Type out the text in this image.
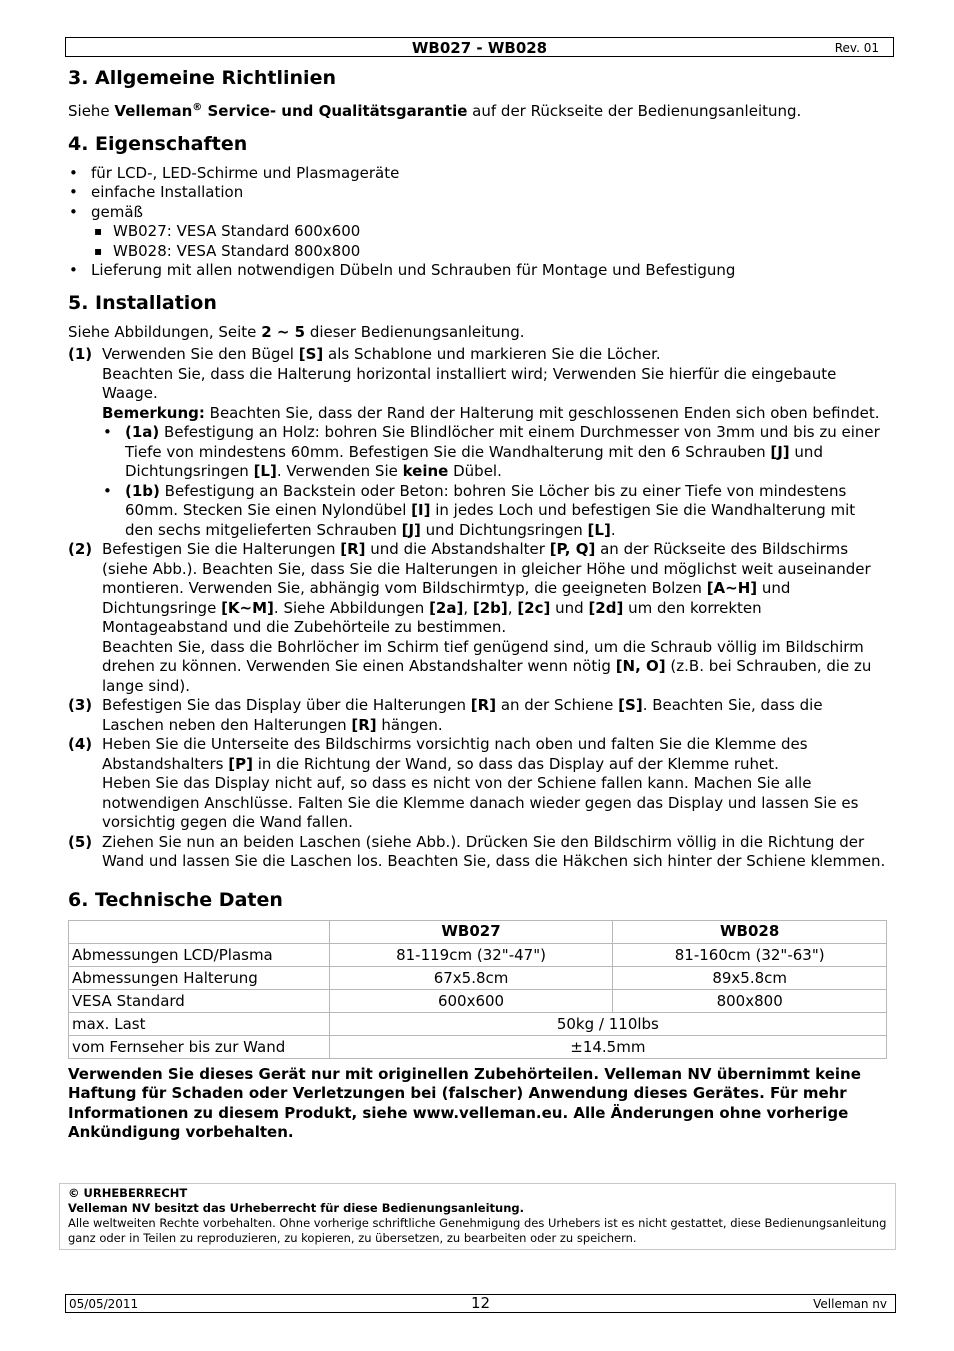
WB027 - WB028	Rev. 01
3. Allgemeine Richtlinien

Siehe Velleman® Service- und Qualitätsgarantie auf der Rückseite der Bedienungsanleitung.

4. Eigenschaften
• für LCD-, LED-Schirme und Plasmageräte
• einfache Installation
• gemäß
▪ WB027: VESA Standard 600x600
▪ WB028: VESA Standard 800x800
• Lieferung mit allen notwendigen Dübeln und Schrauben für Montage und Befestigung
5. Installation

Siehe Abbildungen, Seite 2 ~ 5 dieser Bedienungsanleitung.

(1) Verwenden Sie den Bügel [S] als Schablone und markieren Sie die Löcher.

Beachten Sie, dass die Halterung horizontal installiert wird; Verwenden Sie hierfür die eingebaute Waage.

Bemerkung: Beachten Sie, dass der Rand der Halterung mit geschlossenen Enden sich oben befindet.

• (1a) Befestigung an Holz: bohren Sie Blindlöcher mit einem Durchmesser von 3mm und bis zu einer Tiefe von mindestens 60mm. Befestigen Sie die Wandhalterung mit den 6 Schrauben [J] und Dichtungsringen [L]. Verwenden Sie keine Dübel.
• (1b) Befestigung an Backstein oder Beton: bohren Sie Löcher bis zu einer Tiefe von mindestens 60mm. Stecken Sie einen Nylondübel [I] in jedes Loch und befestigen Sie die Wandhalterung mit den sechs mitgelieferten Schrauben [J] und Dichtungsringen [L].
(2) Befestigen Sie die Halterungen [R] und die Abstandshalter [P, Q] an der Rückseite des Bildschirms (siehe Abb.). Beachten Sie, dass Sie die Halterungen in gleicher Höhe und möglichst weit auseinander montieren. Verwenden Sie, abhängig vom Bildschirmtyp, die geeigneten Bolzen [A~H] und Dichtungsringe [K~M]. Siehe Abbildungen [2a], [2b], [2c] und [2d] um den korrekten Montageabstand und die Zubehörteile zu bestimmen.

Beachten Sie, dass die Bohrlöcher im Schirm tief genügend sind, um die Schraub völlig im Bildschirm drehen zu können. Verwenden Sie einen Abstandshalter wenn nötig [N, O] (z.B. bei Schrauben, die zu lange sind).

(3) Befestigen Sie das Display über die Halterungen [R] an der Schiene [S]. Beachten Sie, dass die Laschen neben den Halterungen [R] hängen.

(4) Heben Sie die Unterseite des Bildschirms vorsichtig nach oben und falten Sie die Klemme des Abstandshalters [P] in die Richtung der Wand, so dass das Display auf der Klemme ruhet.

Heben Sie das Display nicht auf, so dass es nicht von der Schiene fallen kann. Machen Sie alle notwendigen Anschlüsse. Falten Sie die Klemme danach wieder gegen das Display und lassen Sie es vorsichtig gegen die Wand fallen.

(5) Ziehen Sie nun an beiden Laschen (siehe Abb.). Drücken Sie den Bildschirm völlig in die Richtung der Wand und lassen Sie die Laschen los. Beachten Sie, dass die Häkchen sich hinter der Schiene klemmen.

6. Technische Daten
	WB027	WB028
Abmessungen LCD/Plasma	81-119cm (32"-47")	81-160cm (32"-63")
Abmessungen Halterung	67x5.8cm	89x5.8cm
VESA Standard	600x600	800x800
max. Last	50kg / 110lbs	
vom Fernseher bis zur Wand	±14.5mm	

Verwenden Sie dieses Gerät nur mit originellen Zubehörteilen. Velleman NV übernimmt keine Haftung für Schaden oder Verletzungen bei (falscher) Anwendung dieses Gerätes. Für mehr Informationen zu diesem Produkt, siehe www.velleman.eu. Alle Änderungen ohne vorherige Ankündigung vorbehalten.

© URHEBERRECHT
Velleman NV besitzt das Urheberrecht für diese Bedienungsanleitung.
Alle weltweiten Rechte vorbehalten. Ohne vorherige schriftliche Genehmigung des Urhebers ist es nicht gestattet, diese Bedienungsanleitung ganz oder in Teilen zu reproduzieren, zu kopieren, zu übersetzen, zu bearbeiten oder zu speichern.
05/05/2011	12	Velleman nv
